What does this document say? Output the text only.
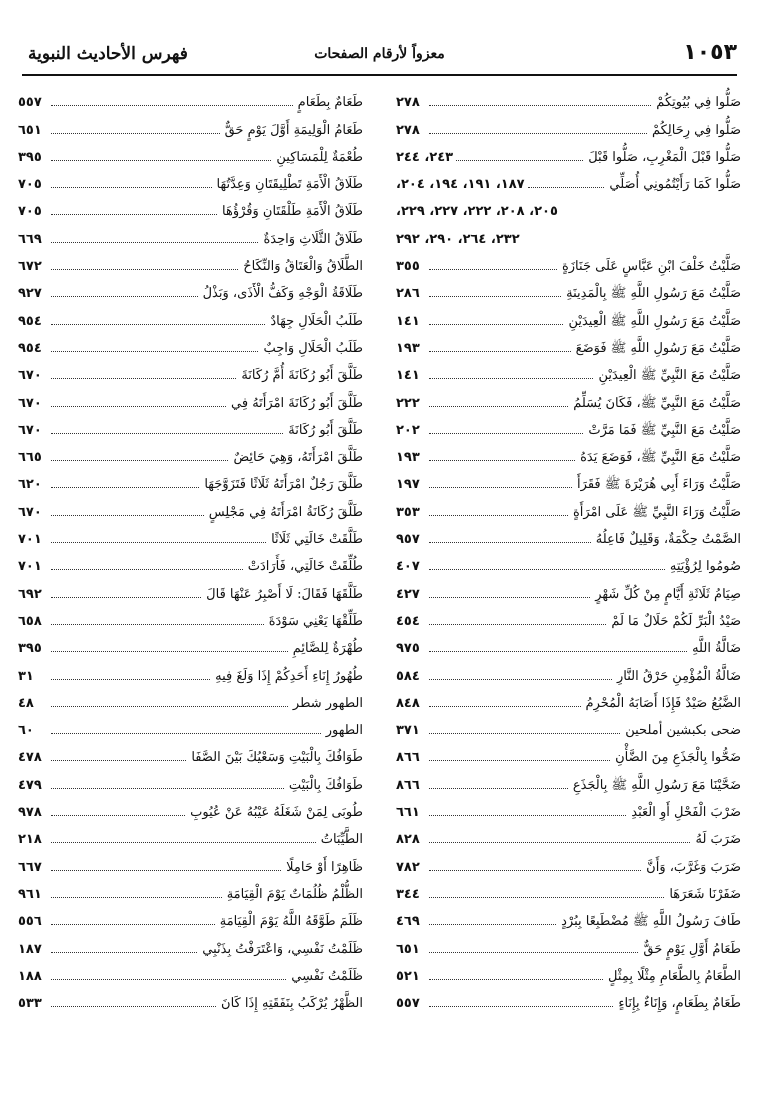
١٠٥٣
معزواً لأرقام الصفحات
فهرس الأحاديث النبوية
صَلُّوا فِي بُيُوتِكُمْ
٢٧٨
صَلُّوا فِي رِحَالِكُمْ
٢٧٨
صَلُّوا قَبْلَ الْمَغْرِبِ، صَلُّوا قَبْلَ
٢٤٣، ٢٤٤
صَلُّوا كَمَا رَأَيْتُمُونِي أُصَلِّي
١٨٧، ١٩١، ١٩٤، ٢٠٤،
٢٠٥، ٢٠٨، ٢٢٢، ٢٢٧، ٢٢٩،
٢٣٢، ٢٦٤، ٢٩٠، ٢٩٢
صَلَّيْتُ خَلْفَ ابْنِ عَبَّاسٍ عَلَى جَنَازَةٍ
٣٥٥
صَلَّيْتُ مَعَ رَسُولِ اللَّهِ ﷺ بِالْمَدِينَةِ
٢٨٦
صَلَّيْتُ مَعَ رَسُولِ اللَّهِ ﷺ الْعِيدَيْنِ
١٤١
صَلَّيْتُ مَعَ رَسُولِ اللَّهِ ﷺ فَوَضَعَ
١٩٣
صَلَّيْتُ مَعَ النَّبِيِّ ﷺ الْعِيدَيْنِ
١٤١
صَلَّيْتُ مَعَ النَّبِيِّ ﷺ، فَكَانَ يُسَلِّمُ
٢٢٢
صَلَّيْتُ مَعَ النَّبِيِّ ﷺ فَمَا مَرَّتْ
٢٠٢
صَلَّيْتُ مَعَ النَّبِيِّ ﷺ، فَوَضَعَ يَدَهُ
١٩٣
صَلَّيْتُ وَرَاءَ أَبِي هُرَيْرَةَ ﷺ فَقَرَأَ
١٩٧
صَلَّيْتُ وَرَاءَ النَّبِيِّ ﷺ عَلَى امْرَأَةٍ
٣٥٣
الصَّمْتُ حِكْمَةٌ، وَقَلِيلٌ فَاعِلُهُ
٩٥٧
صُومُوا لِرُؤْيَتِهِ
٤٠٧
صِيَامُ ثَلَاثَةِ أَيَّامٍ مِنْ كُلِّ شَهْرٍ
٤٢٧
صَيْدُ الْبَرِّ لَكُمْ حَلَالٌ مَا لَمْ
٤٥٤
ضَالَّةُ اللَّهِ
٩٧٥
ضَالَّةُ الْمُؤْمِنِ حَرْقُ النَّارِ
٥٨٤
الضَّبُعُ صَيْدٌ فَإِذَا أَصَابَهُ الْمُحْرِمُ
٨٤٨
ضحى بكبشين أملحين
٣٧١
ضَحُّوا بِالْجَذَعِ مِنَ الضَّأْنِ
٨٦٦
ضَحَّيْنَا مَعَ رَسُولِ اللَّهِ ﷺ بِالْجَذَعِ
٨٦٦
ضَرْبَ الْفَحْلِ أَوِ الْعَبْدِ
٦٦١
ضَرَبَ لَهُ
٨٢٨
ضَرَبَ وَغَرَّبَ، وَأَنَّ
٧٨٢
ضَفَرْنَا شَعَرَهَا
٣٤٤
طَافَ رَسُولُ اللَّهِ ﷺ مُضْطَبِعًا بِبُرْدٍ
٤٦٩
طَعَامُ أَوَّلِ يَوْمٍ حَقٌّ
٦٥١
الطَّعَامُ بِالطَّعَامِ مِثْلًا بِمِثْلٍ
٥٢١
طَعَامٌ بِطَعَامٍ، وَإِنَاءٌ بِإِنَاءٍ
٥٥٧
طَعَامٌ بِطَعَامٍ
٥٥٧
طَعَامُ الْوَلِيمَةِ أَوَّلَ يَوْمٍ حَقٌّ
٦٥١
طُعْمَةٌ لِلْمَسَاكِينِ
٣٩٥
طَلَاقُ الْأَمَةِ تَطْلِيقَتَانِ وَعِدَّتُهَا
٧٠٥
طَلَاقُ الْأَمَةِ طَلْقَتَانِ وَقُرْؤُهَا
٧٠٥
طَلَاقُ الثَّلَاثِ وَاحِدَةٌ
٦٦٩
الطَّلَاقُ وَالْعَتَاقُ وَالنِّكَاحُ
٦٧٢
طَلَاقَةُ الْوَجْهِ وَكَفُّ الْأَذَى، وَبَذْلُ
٩٢٧
طَلَبُ الْحَلَالِ جِهَادٌ
٩٥٤
طَلَبُ الْحَلَالِ وَاجِبٌ
٩٥٤
طَلَّقَ أَبُو رُكَانَةَ أُمَّ رُكَانَةَ
٦٧٠
طَلَّقَ أَبُو رُكَانَةَ امْرَأَتَهُ فِي
٦٧٠
طَلَّقَ أَبُو رُكَانَةَ
٦٧٠
طَلَّقَ امْرَأَتَهُ، وَهِيَ حَائِضٌ
٦٦٥
طَلَّقَ رَجُلٌ امْرَأَتَهُ ثَلَاثًا فَتَزَوَّجَهَا
٦٢٠
طَلَّقَ رُكَانَةُ امْرَأَتَهُ فِي مَجْلِسٍ
٦٧٠
طَلَّقَتْ خَالَتِي ثَلَاثًا
٧٠١
طُلِّقَتْ خَالَتِي، فَأَرَادَتْ
٧٠١
طَلَّقَهَا فَقَالَ: لَا أَصْبِرُ عَنْهَا قَالَ
٦٩٢
طَلِّقْهَا يَعْنِي سَوْدَةَ
٦٥٨
طُهْرَةٌ لِلصَّائِمِ
٣٩٥
طُهُورُ إِنَاءِ أَحَدِكُمْ إِذَا وَلَغَ فِيهِ
٣١
الطهور شطر
٤٨
الطهور
٦٠
طَوَافُكَ بِالْبَيْتِ وَسَعْيُكَ بَيْنَ الصَّفَا
٤٧٨
طَوَافُكَ بِالْبَيْتِ
٤٧٩
طُوبَى لِمَنْ شَغَلَهُ عَيْبُهُ عَنْ عُيُوبِ
٩٧٨
الطَّيِّبَاتُ
٢١٨
ظَاهِرًا أَوْ حَامِلًا
٦٦٧
الظُّلْمُ ظُلُمَاتٌ يَوْمَ الْقِيَامَةِ
٩٦١
ظَلَمَ طَوَّقَهُ اللَّهُ يَوْمَ الْقِيَامَةِ
٥٥٦
ظَلَمْتُ نَفْسِي، وَاعْتَرَفْتُ بِذَنْبِي
١٨٧
ظَلَمْتُ نَفْسِي
١٨٨
الظَّهْرُ يُرْكَبُ بِنَفَقَتِهِ إِذَا كَانَ
٥٣٣
